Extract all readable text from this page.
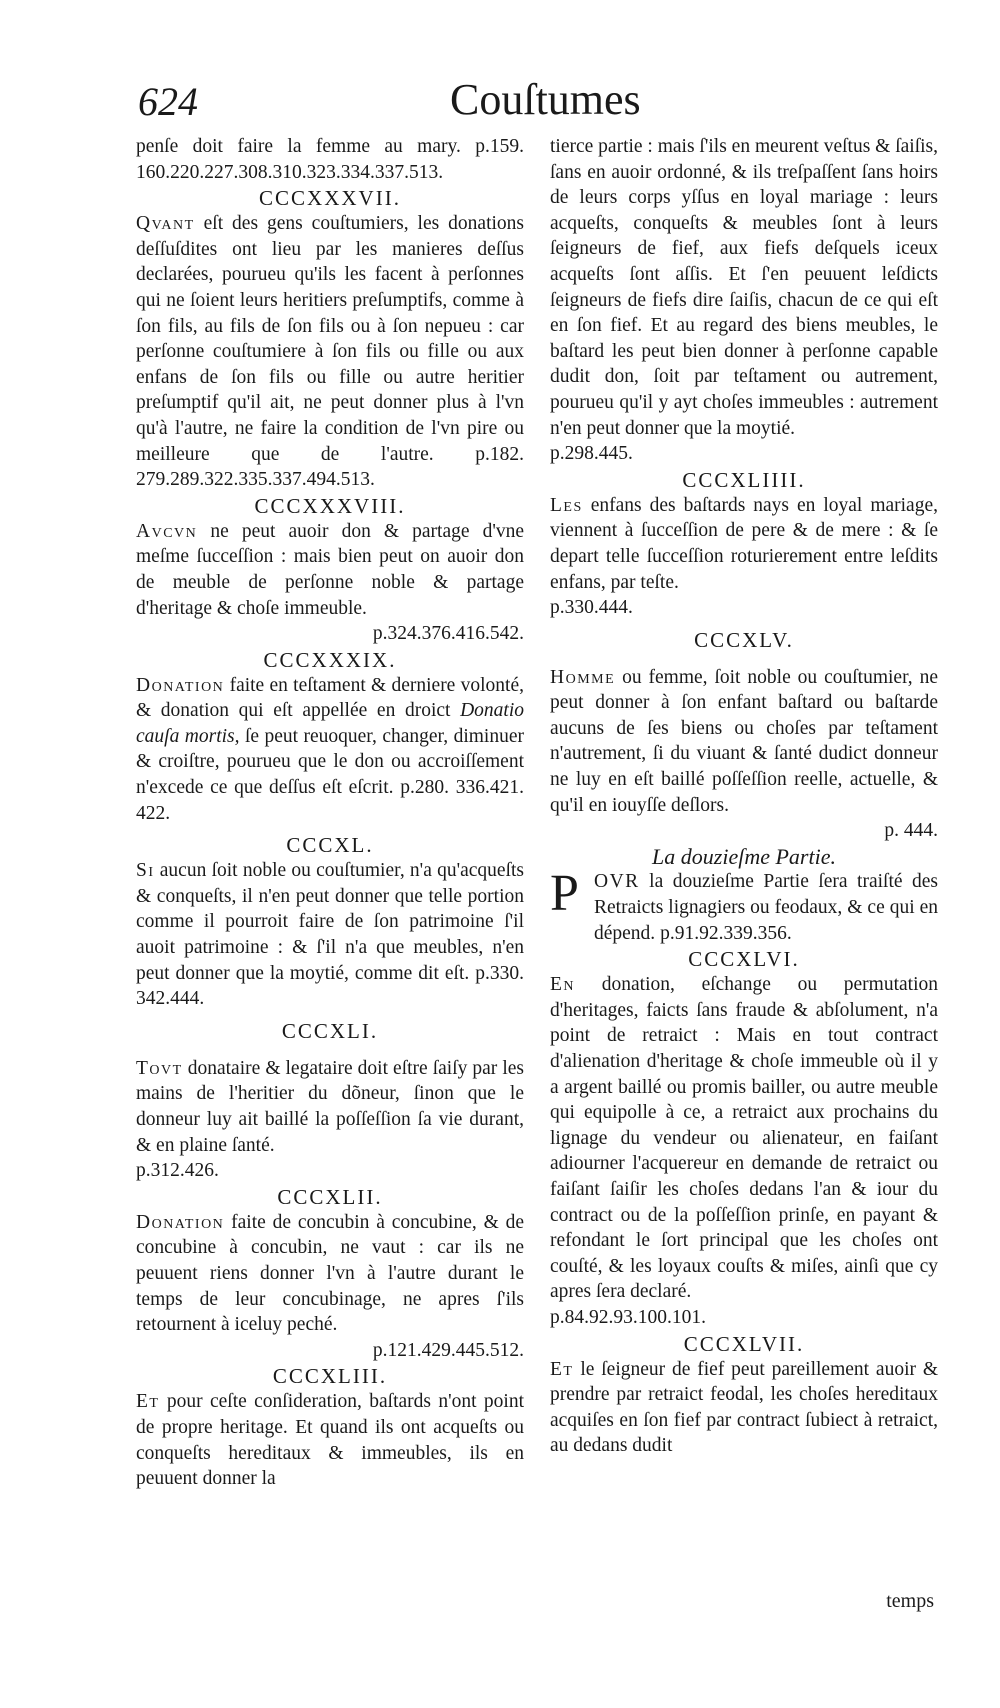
624	Couſtumes

penſe doit faire la femme au mary. p.159. 160.220.227.308.310.323.334.337.513.

CCCXXXVII.

Qvant eſt des gens couſtumiers, les donations deſſuſdites ont lieu par les manieres deſſus declarées, pourueu qu'ils les facent à perſonnes qui ne ſoient leurs heritiers preſumptifs, comme à ſon fils, au fils de ſon fils ou à ſon nepueu : car perſonne couſtumiere à ſon fils ou fille ou aux enfans de ſon fils ou fille ou autre heritier preſumptif qu'il ait, ne peut donner plus à l'vn qu'à l'autre, ne faire la condition de l'vn pire ou meilleure que de l'autre. p.182. 279.289.322.335.337.494.513.

CCCXXXVIII.

Avcvn ne peut auoir don & partage d'vne meſme ſucceſſion : mais bien peut on auoir don de meuble de perſonne noble & partage d'heritage & choſe immeuble.

p.324.376.416.542.

CCCXXXIX.

Donation faite en teſtament & derniere volonté, & donation qui eſt appellée en droict Donatio cauſa mortis, ſe peut reuoquer, changer, diminuer & croiſtre, pourueu que le don ou accroiſſement n'excede ce que deſſus eſt eſcrit. p.280. 336.421. 422.

CCCXL.

Si aucun ſoit noble ou couſtumier, n'a qu'acqueſts & conqueſts, il n'en peut donner que telle portion comme il pourroit faire de ſon patrimoine ſ'il auoit patrimoine : & ſ'il n'a que meubles, n'en peut donner que la moytié, comme dit eſt. p.330. 342.444.

CCCXLI.

Tovt donataire & legataire doit eſtre ſaiſy par les mains de l'heritier du dõneur, ſinon que le donneur luy ait baillé la poſſeſſion ſa vie durant, & en plaine ſanté.

p.312.426.

CCCXLII.

Donation faite de concubin à concubine, & de concubine à concubin, ne vaut : car ils ne peuuent riens donner l'vn à l'autre durant le temps de leur concubinage, ne apres ſ'ils retournent à iceluy peché.

p.121.429.445.512.

CCCXLIII.

Et pour ceſte conſideration, baſtards n'ont point de propre heritage. Et quand ils ont acqueſts ou conqueſts hereditaux & immeubles, ils en peuuent donner la

tierce partie : mais ſ'ils en meurent veſtus & ſaiſis, ſans en auoir ordonné, & ils treſpaſſent ſans hoirs de leurs corps yſſus en loyal mariage : leurs acqueſts, conqueſts & meubles ſont à leurs ſeigneurs de fief, aux fiefs deſquels iceux acqueſts ſont aſſis. Et ſ'en peuuent leſdicts ſeigneurs de fiefs dire ſaiſis, chacun de ce qui eſt en ſon fief. Et au regard des biens meubles, le baſtard les peut bien donner à perſonne capable dudit don, ſoit par teſtament ou autrement, pourueu qu'il y ayt choſes immeubles : autrement n'en peut donner que la moytié.

p.298.445.

CCCXLIIII.

Les enfans des baſtards nays en loyal mariage, viennent à ſucceſſion de pere & de mere : & ſe depart telle ſucceſſion roturierement entre leſdits enfans, par teſte.

p.330.444.

CCCXLV.

Homme ou femme, ſoit noble ou couſtumier, ne peut donner à ſon enfant baſtard ou baſtarde aucuns de ſes biens ou choſes par teſtament n'autrement, ſi du viuant & ſanté dudict donneur ne luy en eſt baillé poſſeſſion reelle, actuelle, & qu'il en iouyſſe deſlors.

p. 444.

La douzieſme Partie.

P OVR la douzieſme Partie ſera traiſté des Retraicts lignagiers ou feodaux, & ce qui en dépend. p.91.92.339.356.

CCCXLVI.

En donation, eſchange ou permutation d'heritages, faicts ſans fraude & abſolument, n'a point de retraict : Mais en tout contract d'alienation d'heritage & choſe immeuble où il y a argent baillé ou promis bailler, ou autre meuble qui equipolle à ce, a retraict aux prochains du lignage du vendeur ou alienateur, en faiſant adiourner l'acquereur en demande de retraict ou faiſant ſaiſir les choſes dedans l'an & iour du contract ou de la poſſeſſion prinſe, en payant & refondant le ſort principal que les choſes ont couſté, & les loyaux couſts & miſes, ainſi que cy apres ſera declaré.

p.84.92.93.100.101.

CCCXLVII.

Et le ſeigneur de fief peut pareillement auoir & prendre par retraict feodal, les choſes hereditaux acquiſes en ſon fief par contract ſubiect à retraict, au dedans dudit

temps
